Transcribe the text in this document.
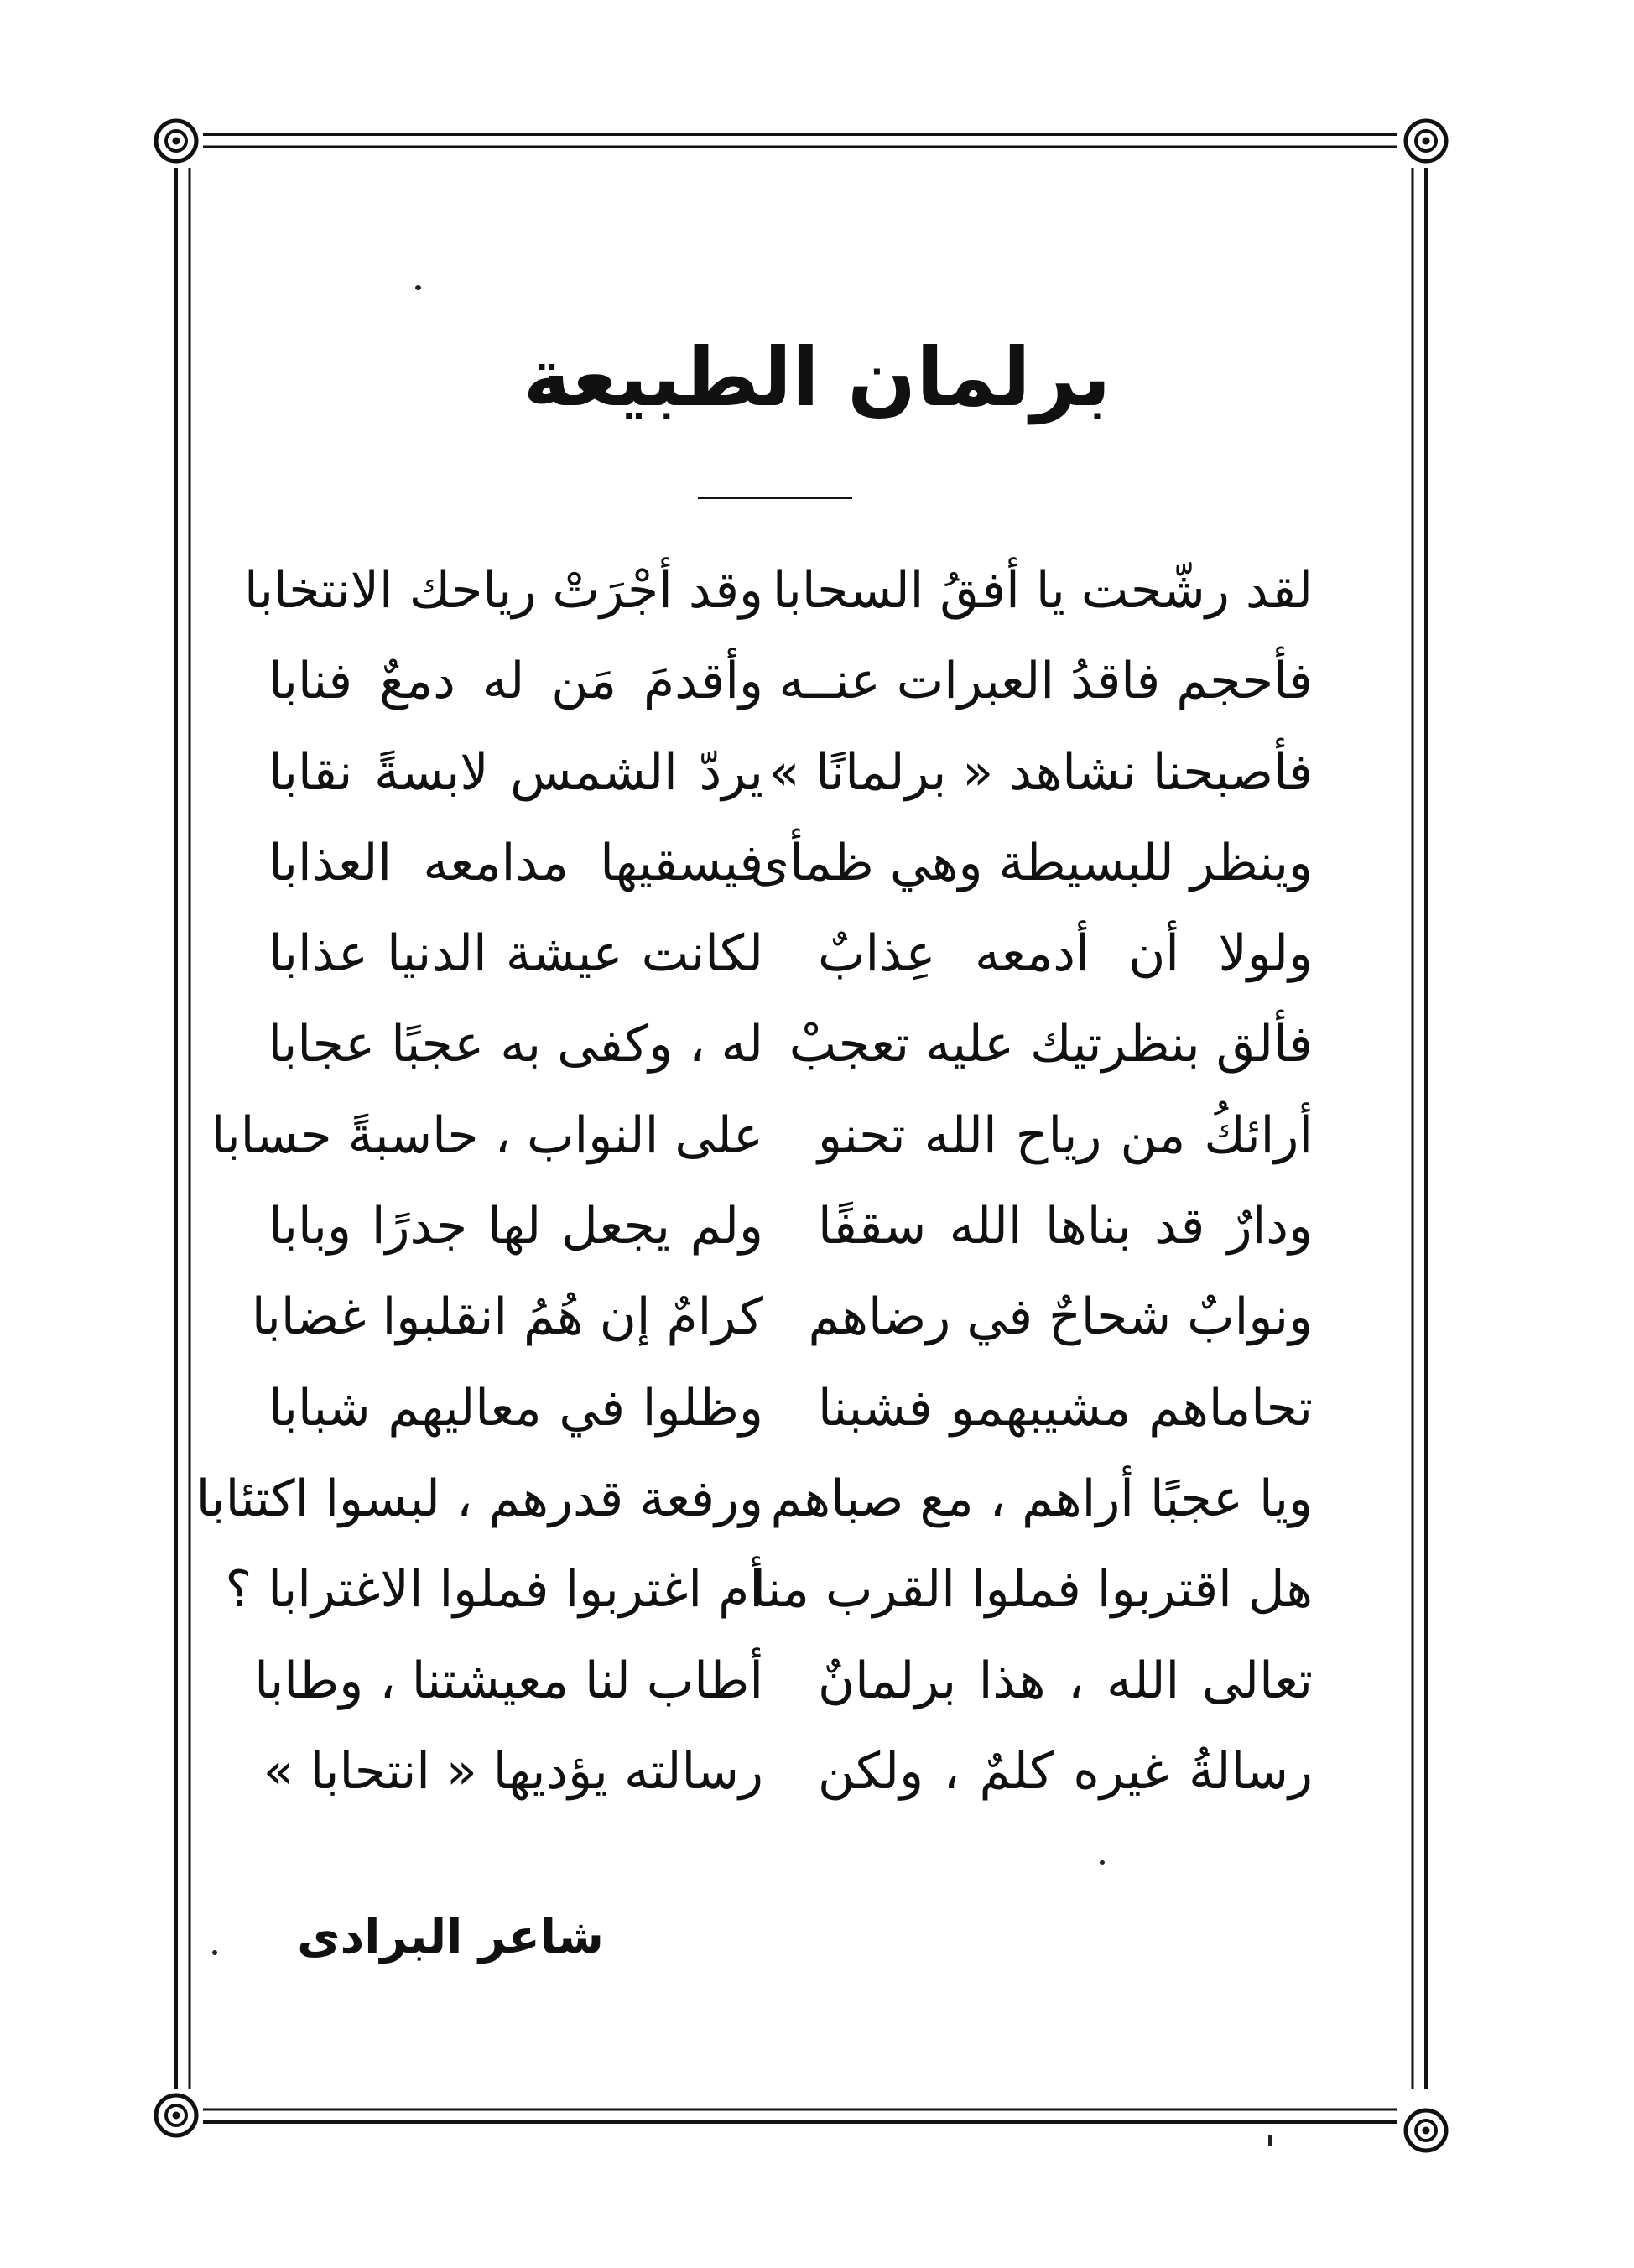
برلمان الطبيعة
لقد رشّحت يا أفقُ السحابا
وقد أجْرَتْ رياحك الانتخابا
فأحجم فاقدُ العبرات عنــه
وأقدمَ مَن له دمعٌ فنابا
فأصبحنا نشاهد « برلمانًا »
يردّ الشمس لابسةً نقابا
وينظر للبسيطة وهي ظمأى
فيسقيها مدامعه العذابا
ولولا أن أدمعه عِذابٌ
لكانت عيشة الدنيا عذابا
فألق بنظرتيك عليه تعجبْ
له ، وكفى به عجبًا عجابا
أرائكُ من رياح الله تحنو
على النواب ، حاسبةً حسابا
ودارٌ قد بناها الله سقفًا
ولم يجعل لها جدرًا وبابا
ونوابٌ شحاحٌ في رضاهم
كرامٌ إن هُمُ انقلبوا غضابا
تحاماهم مشيبهمو فشبنا
وظلوا في معاليهم شبابا
ويا عجبًا أراهم ، مع صباهم
ورفعة قدرهم ، لبسوا اكتئابا
هل اقتربوا فملوا القرب منا
أم اغتربوا فملوا الاغترابا ؟
تعالى الله ، هذا برلمانٌ
أطاب لنا معيشتنا ، وطابا
رسالةُ غيره كلمٌ ، ولكن
رسالته يؤديها « انتحابا »
شاعر البرادى
